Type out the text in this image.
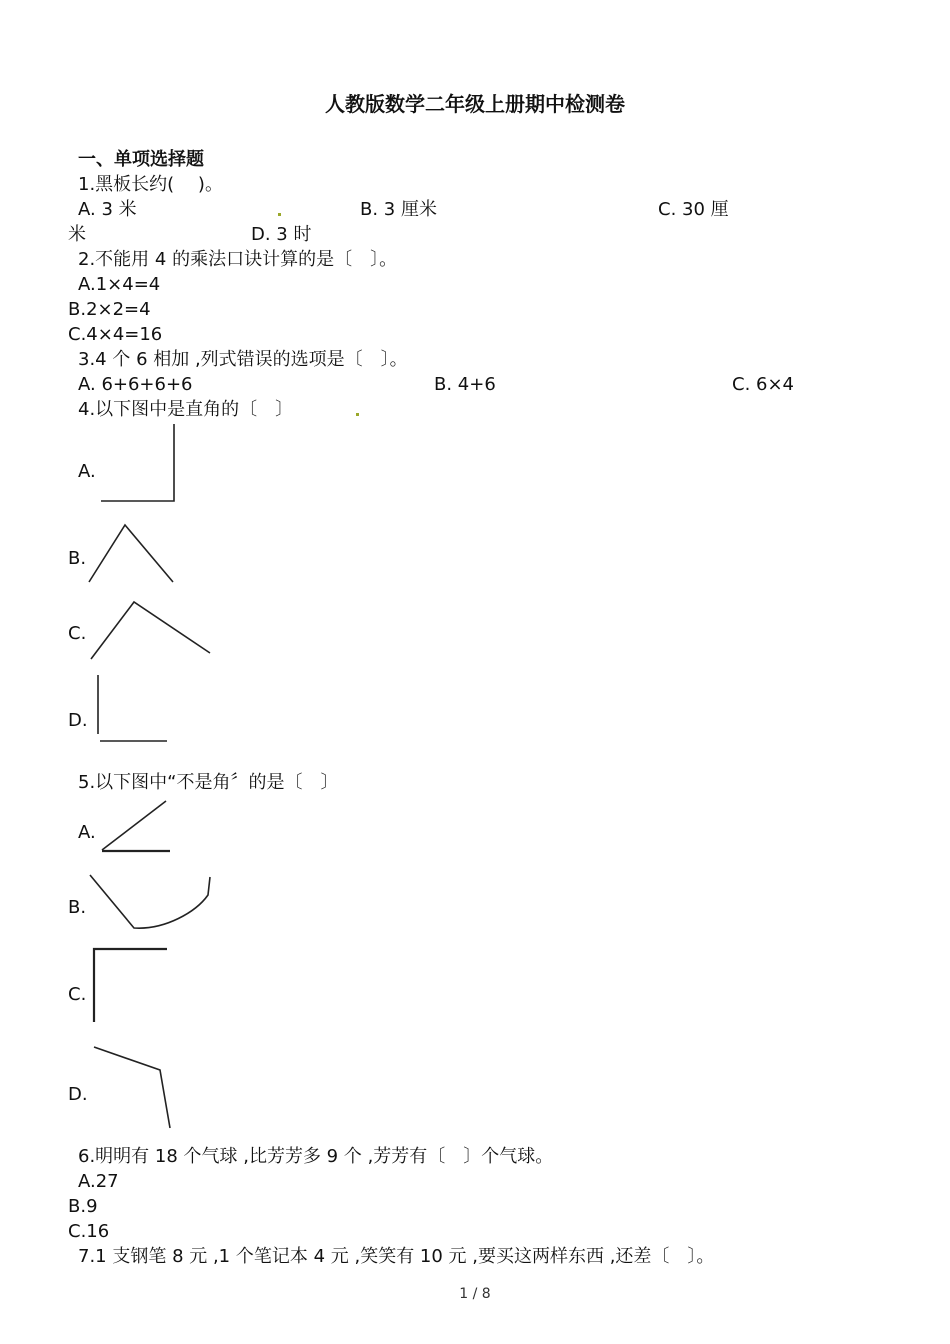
人教版数学二年级上册期中检测卷
一、单项选择题
1.黑板长约(　 )。
A. 3 米	B. 3 厘米	C. 30 厘
米	D. 3 时
2.不能用 4 的乘法口诀计算的是〔　〕。
A.1×4=4
B.2×2=4
C.4×4=16
3.4 个 6 相加 ,列式错误的选项是〔　〕。
A. 6+6+6+6	B. 4+6	C. 6×4
4.以下图中是直角的〔　〕
A.
B.
C.
D.
5.以下图中“不是角〞的是〔　〕
A.
B.
C.
D.
6.明明有 18 个气球 ,比芳芳多 9 个 ,芳芳有〔　〕个气球。
A.27
B.9
C.16
7.1 支钢笔 8 元 ,1 个笔记本 4 元 ,笑笑有 10 元 ,要买这两样东西 ,还差〔　〕。
1 / 8
